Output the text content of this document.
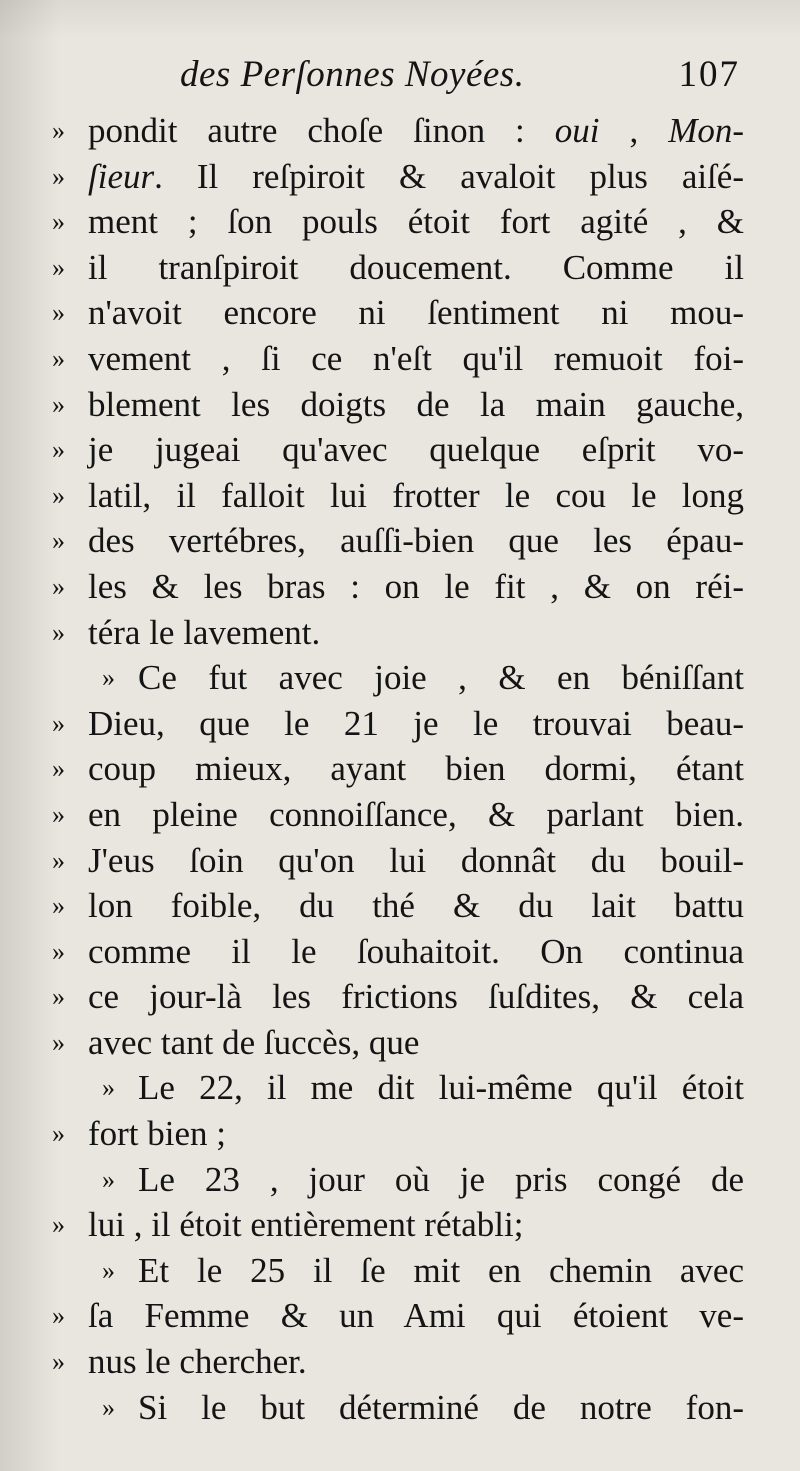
des Perſonnes Noyées.	107
» pondit autre choſe ſinon : oui , Mon-
» ſieur. Il reſpiroit & avaloit plus aiſé-
» ment ; ſon pouls étoit fort agité , &
» il tranſpiroit doucement. Comme il
» n'avoit encore ni ſentiment ni mou-
» vement , ſi ce n'eſt qu'il remuoit foi-
» blement les doigts de la main gauche,
» je jugeai qu'avec quelque eſprit vo-
» latil, il falloit lui frotter le cou le long
» des vertébres, auſſi-bien que les épau-
» les & les bras : on le fit , & on réi-
» téra le lavement.
» Ce fut avec joie , & en béniſſant
» Dieu, que le 21 je le trouvai beau-
» coup mieux, ayant bien dormi, étant
» en pleine connoiſſance, & parlant bien.
» J'eus ſoin qu'on lui donnât du bouil-
» lon foible, du thé & du lait battu
» comme il le ſouhaitoit. On continua
» ce jour-là les frictions ſuſdites, & cela
» avec tant de ſuccès, que
» Le 22, il me dit lui-même qu'il étoit
» fort bien ;
» Le 23 , jour où je pris congé de
» lui , il étoit entièrement rétabli;
» Et le 25 il ſe mit en chemin avec
» ſa Femme & un Ami qui étoient ve-
» nus le chercher.
» Si le but déterminé de notre fon-
